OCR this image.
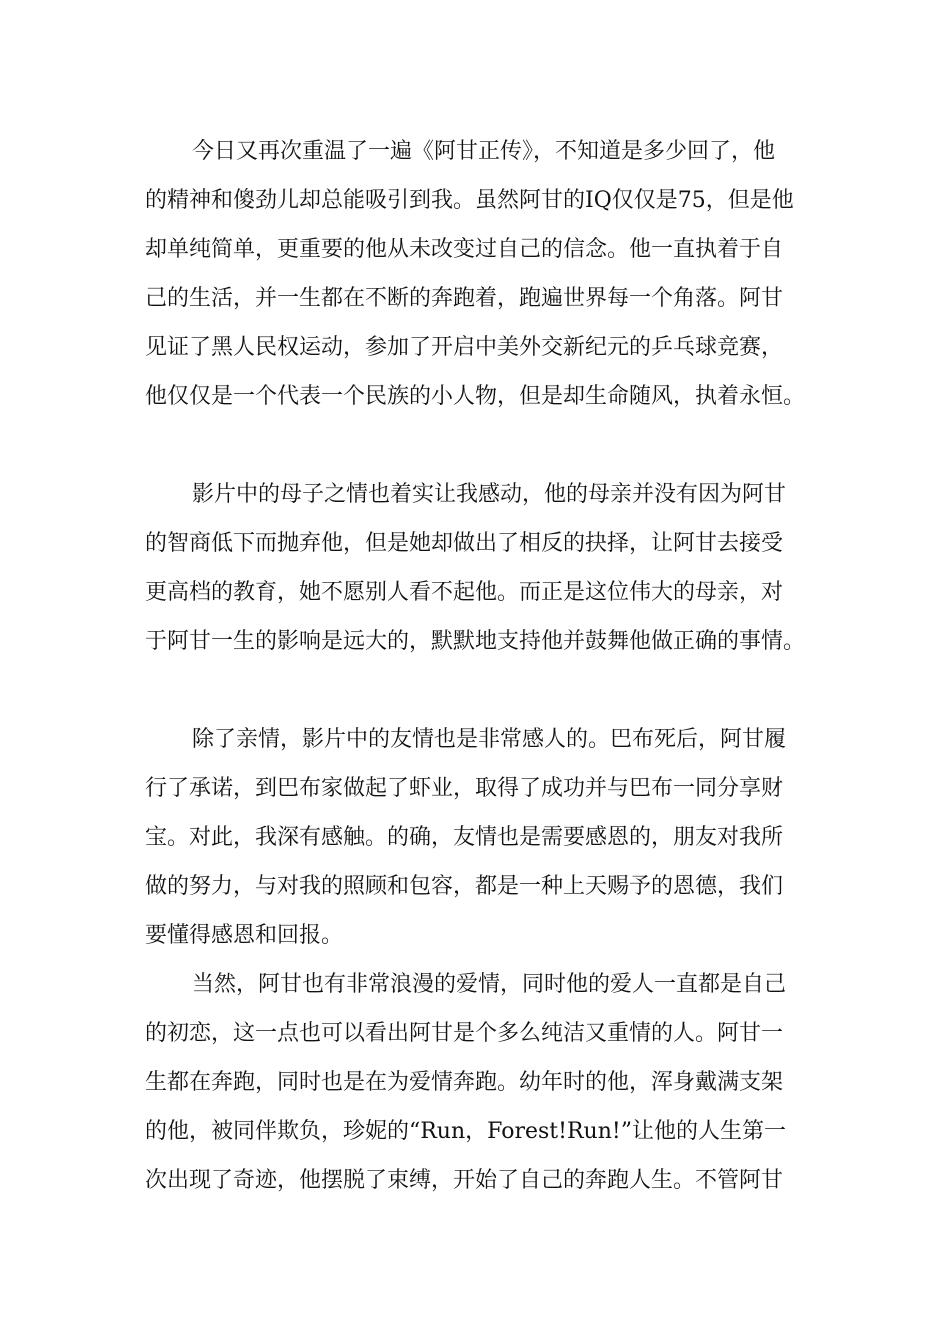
今日又再次重温了一遍《阿甘正传》，不知道是多少回了，他
的精神和傻劲儿却总能吸引到我。虽然阿甘的IQ仅仅是75，但是他
却单纯简单，更重要的他从未改变过自己的信念。他一直执着于自
己的生活，并一生都在不断的奔跑着，跑遍世界每一个角落。阿甘
见证了黑人民权运动，参加了开启中美外交新纪元的乒乓球竞赛，
他仅仅是一个代表一个民族的小人物，但是却生命随风，执着永恒。
影片中的母子之情也着实让我感动，他的母亲并没有因为阿甘
的智商低下而抛弃他，但是她却做出了相反的抉择，让阿甘去接受
更高档的教育，她不愿别人看不起他。而正是这位伟大的母亲，对
于阿甘一生的影响是远大的，默默地支持他并鼓舞他做正确的事情。
除了亲情，影片中的友情也是非常感人的。巴布死后，阿甘履
行了承诺，到巴布家做起了虾业，取得了成功并与巴布一同分享财
宝。对此，我深有感触。的确，友情也是需要感恩的，朋友对我所
做的努力，与对我的照顾和包容，都是一种上天赐予的恩德，我们
要懂得感恩和回报。
当然，阿甘也有非常浪漫的爱情，同时他的爱人一直都是自己
的初恋，这一点也可以看出阿甘是个多么纯洁又重情的人。阿甘一
生都在奔跑，同时也是在为爱情奔跑。幼年时的他，浑身戴满支架
的他，被同伴欺负，珍妮的“Run，Forest!Run!”让他的人生第一
次出现了奇迹，他摆脱了束缚，开始了自己的奔跑人生。不管阿甘
